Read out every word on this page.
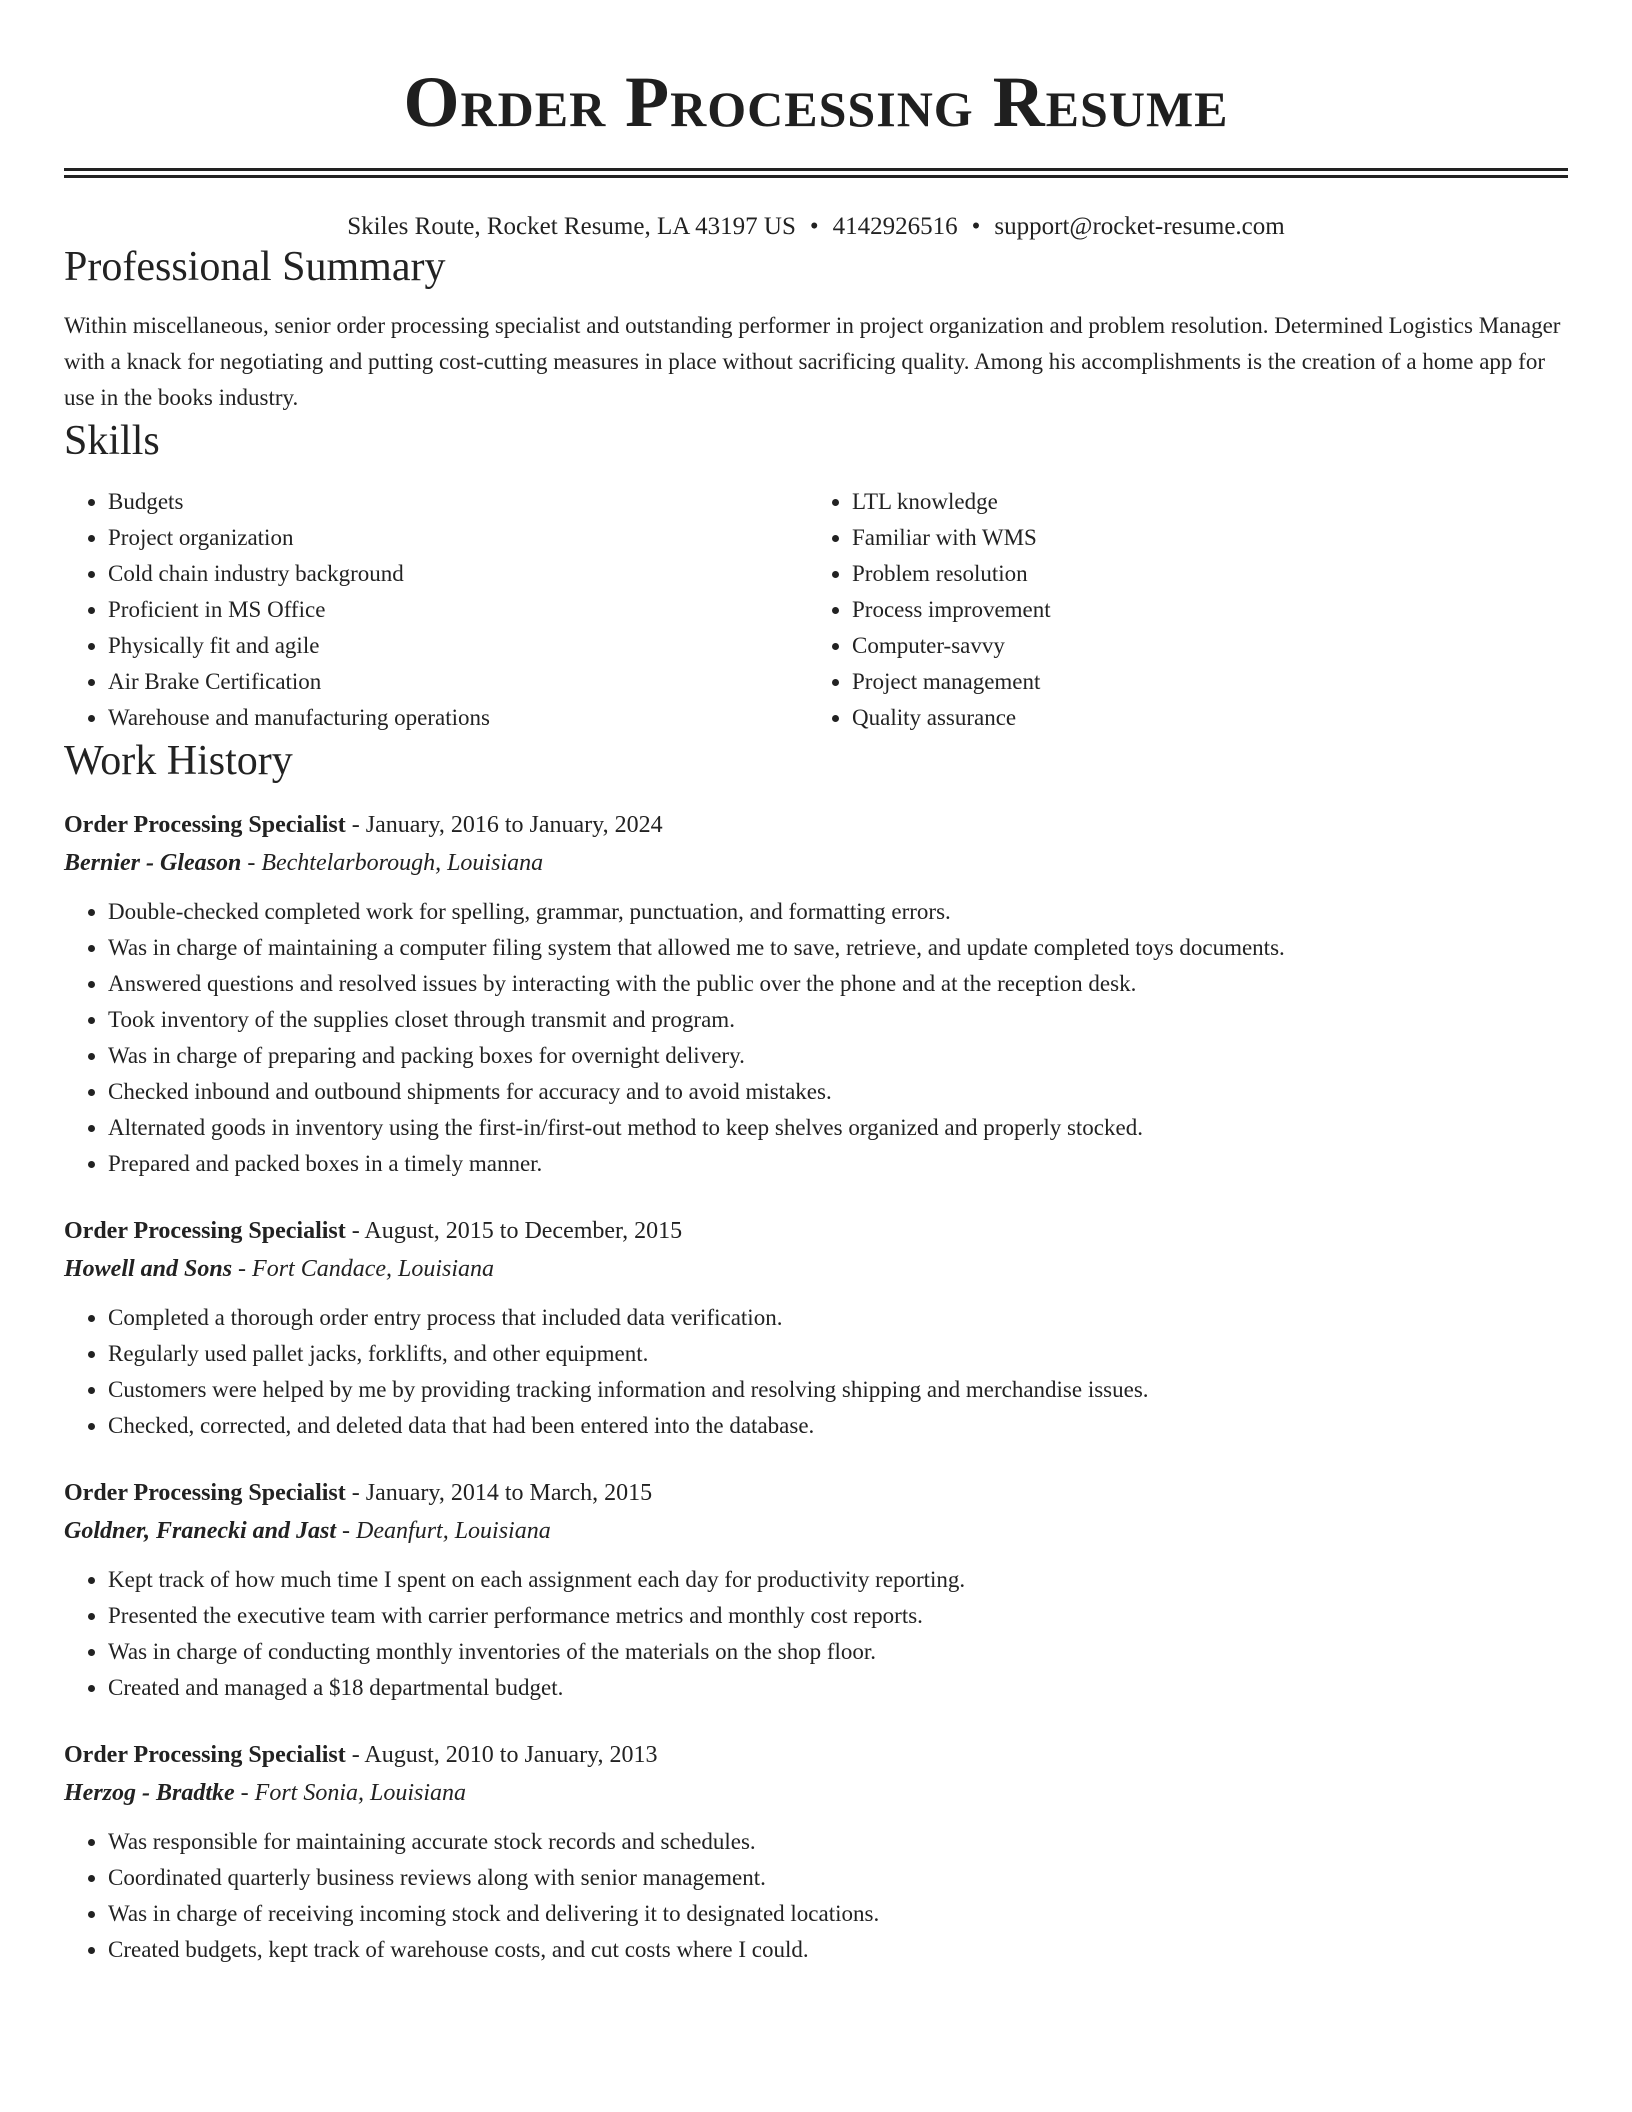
Order Processing Resume
Skiles Route, Rocket Resume, LA 43197 US • 4142926516 • support@rocket-resume.com
Professional Summary

Within miscellaneous, senior order processing specialist and outstanding performer in project organization and problem resolution. Determined Logistics Manager with a knack for negotiating and putting cost-cutting measures in place without sacrificing quality. Among his accomplishments is the creation of a home app for use in the books industry.

Skills
• Budgets
• Project organization
• Cold chain industry background
• Proficient in MS Office
• Physically fit and agile
• Air Brake Certification
• Warehouse and manufacturing operations
• LTL knowledge
• Familiar with WMS
• Problem resolution
• Process improvement
• Computer-savvy
• Project management
• Quality assurance
Work History
Order Processing Specialist - January, 2016 to January, 2024
Bernier - Gleason - Bechtelarborough, Louisiana
• Double-checked completed work for spelling, grammar, punctuation, and formatting errors.
• Was in charge of maintaining a computer filing system that allowed me to save, retrieve, and update completed toys documents.
• Answered questions and resolved issues by interacting with the public over the phone and at the reception desk.
• Took inventory of the supplies closet through transmit and program.
• Was in charge of preparing and packing boxes for overnight delivery.
• Checked inbound and outbound shipments for accuracy and to avoid mistakes.
• Alternated goods in inventory using the first-in/first-out method to keep shelves organized and properly stocked.
• Prepared and packed boxes in a timely manner.
Order Processing Specialist - August, 2015 to December, 2015
Howell and Sons - Fort Candace, Louisiana
• Completed a thorough order entry process that included data verification.
• Regularly used pallet jacks, forklifts, and other equipment.
• Customers were helped by me by providing tracking information and resolving shipping and merchandise issues.
• Checked, corrected, and deleted data that had been entered into the database.
Order Processing Specialist - January, 2014 to March, 2015
Goldner, Franecki and Jast - Deanfurt, Louisiana
• Kept track of how much time I spent on each assignment each day for productivity reporting.
• Presented the executive team with carrier performance metrics and monthly cost reports.
• Was in charge of conducting monthly inventories of the materials on the shop floor.
• Created and managed a $18 departmental budget.
Order Processing Specialist - August, 2010 to January, 2013
Herzog - Bradtke - Fort Sonia, Louisiana
• Was responsible for maintaining accurate stock records and schedules.
• Coordinated quarterly business reviews along with senior management.
• Was in charge of receiving incoming stock and delivering it to designated locations.
• Created budgets, kept track of warehouse costs, and cut costs where I could.
